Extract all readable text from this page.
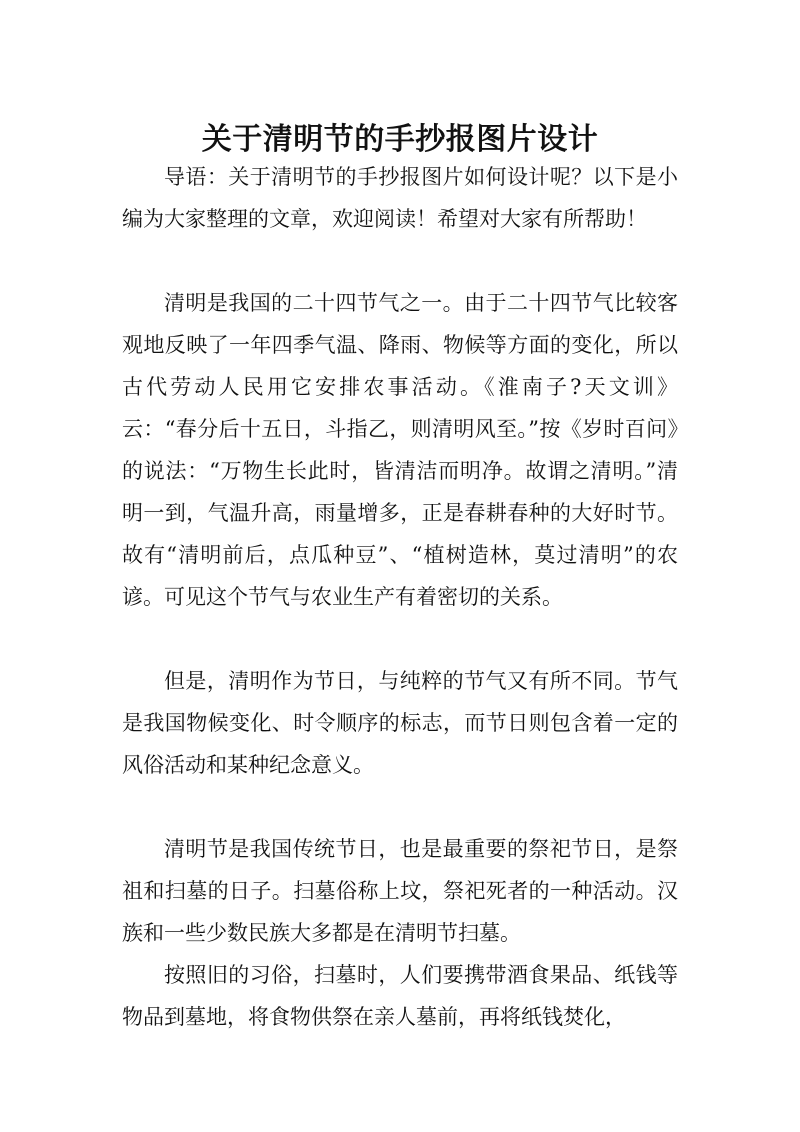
关于清明节的手抄报图片设计

导语：关于清明节的手抄报图片如何设计呢？以下是小编为大家整理的文章，欢迎阅读！希望对大家有所帮助！

清明是我国的二十四节气之一。由于二十四节气比较客观地反映了一年四季气温、降雨、物候等方面的变化，所以古代劳动人民用它安排农事活动。《淮南子?天文训》云：“春分后十五日，斗指乙，则清明风至。”按《岁时百问》的说法：“万物生长此时，皆清洁而明净。故谓之清明。”清明一到，气温升高，雨量增多，正是春耕春种的大好时节。故有“清明前后，点瓜种豆”、“植树造林，莫过清明”的农谚。可见这个节气与农业生产有着密切的关系。

但是，清明作为节日，与纯粹的节气又有所不同。节气是我国物候变化、时令顺序的标志，而节日则包含着一定的风俗活动和某种纪念意义。

清明节是我国传统节日，也是最重要的祭祀节日，是祭祖和扫墓的日子。扫墓俗称上坟，祭祀死者的一种活动。汉族和一些少数民族大多都是在清明节扫墓。

按照旧的习俗，扫墓时，人们要携带酒食果品、纸钱等物品到墓地，将食物供祭在亲人墓前，再将纸钱焚化，
